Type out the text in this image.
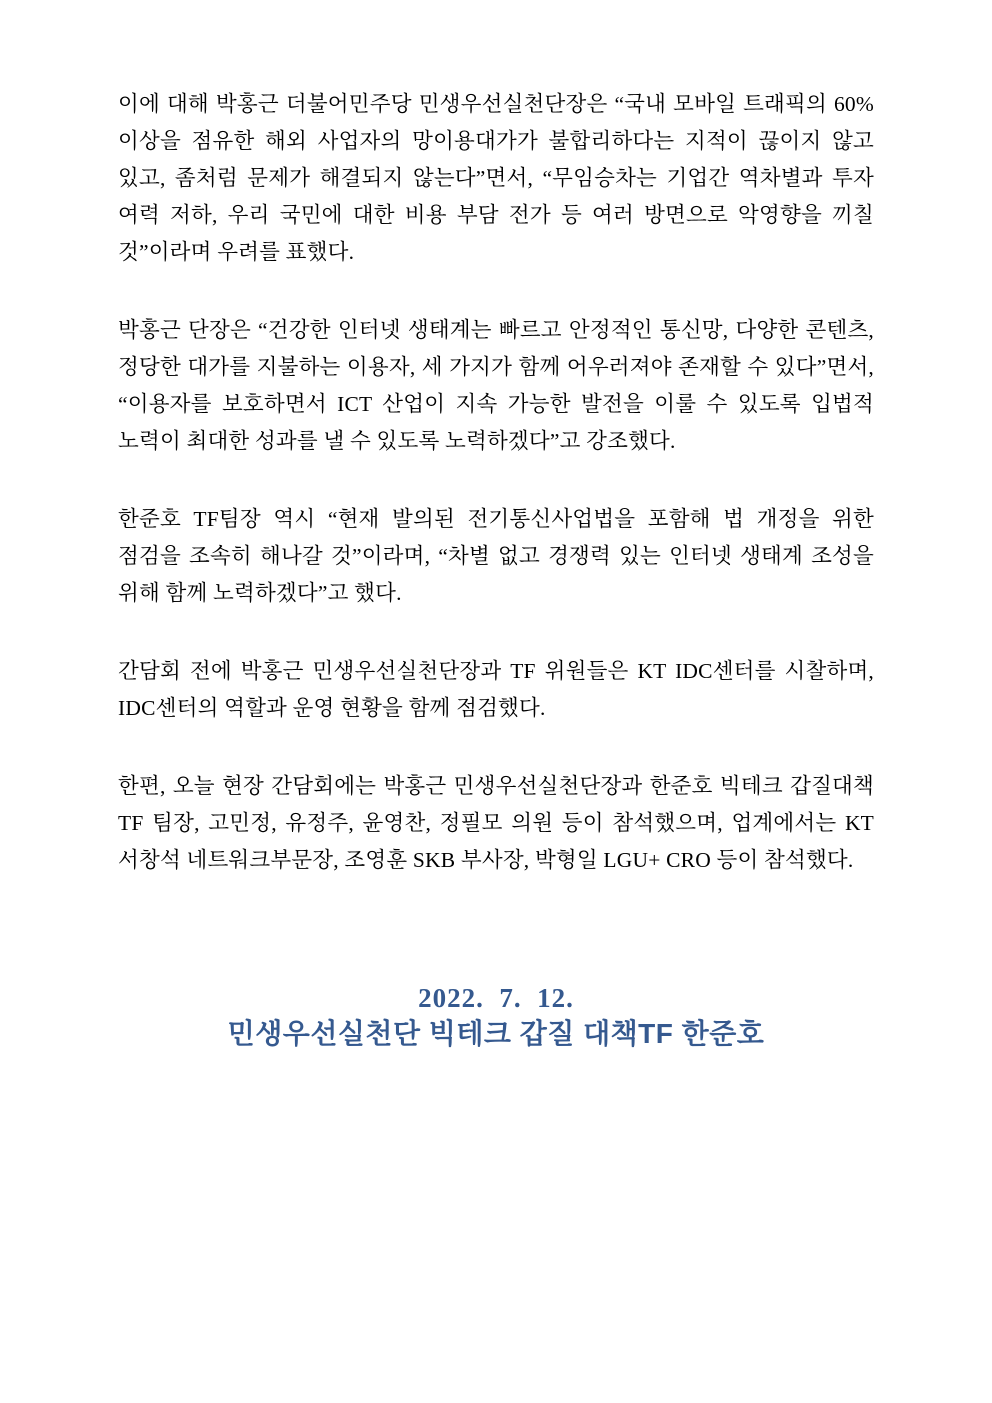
이에 대해 박홍근 더불어민주당 민생우선실천단장은 “국내 모바일 트래픽의 60% 이상을 점유한 해외 사업자의 망이용대가가 불합리하다는 지적이 끊이지 않고 있고, 좀처럼 문제가 해결되지 않는다”면서, “무임승차는 기업간 역차별과 투자 여력 저하, 우리 국민에 대한 비용 부담 전가 등 여러 방면으로 악영향을 끼칠 것”이라며 우려를 표했다.

박홍근 단장은 “건강한 인터넷 생태계는 빠르고 안정적인 통신망, 다양한 콘텐츠, 정당한 대가를 지불하는 이용자, 세 가지가 함께 어우러져야 존재할 수 있다”면서, “이용자를 보호하면서 ICT 산업이 지속 가능한 발전을 이룰 수 있도록 입법적 노력이 최대한 성과를 낼 수 있도록 노력하겠다”고 강조했다.

한준호 TF팀장 역시 “현재 발의된 전기통신사업법을 포함해 법 개정을 위한 점검을 조속히 해나갈 것”이라며, “차별 없고 경쟁력 있는 인터넷 생태계 조성을 위해 함께 노력하겠다”고 했다.

간담회 전에 박홍근 민생우선실천단장과 TF 위원들은 KT IDC센터를 시찰하며, IDC센터의 역할과 운영 현황을 함께 점검했다.

한편, 오늘 현장 간담회에는 박홍근 민생우선실천단장과 한준호 빅테크 갑질대책 TF 팀장, 고민정, 유정주, 윤영찬, 정필모 의원 등이 참석했으며, 업계에서는 KT 서창석 네트워크부문장, 조영훈 SKB 부사장, 박형일 LGU+ CRO 등이 참석했다.

2022.  7.  12.
민생우선실천단 빅테크 갑질 대책TF 한준호
